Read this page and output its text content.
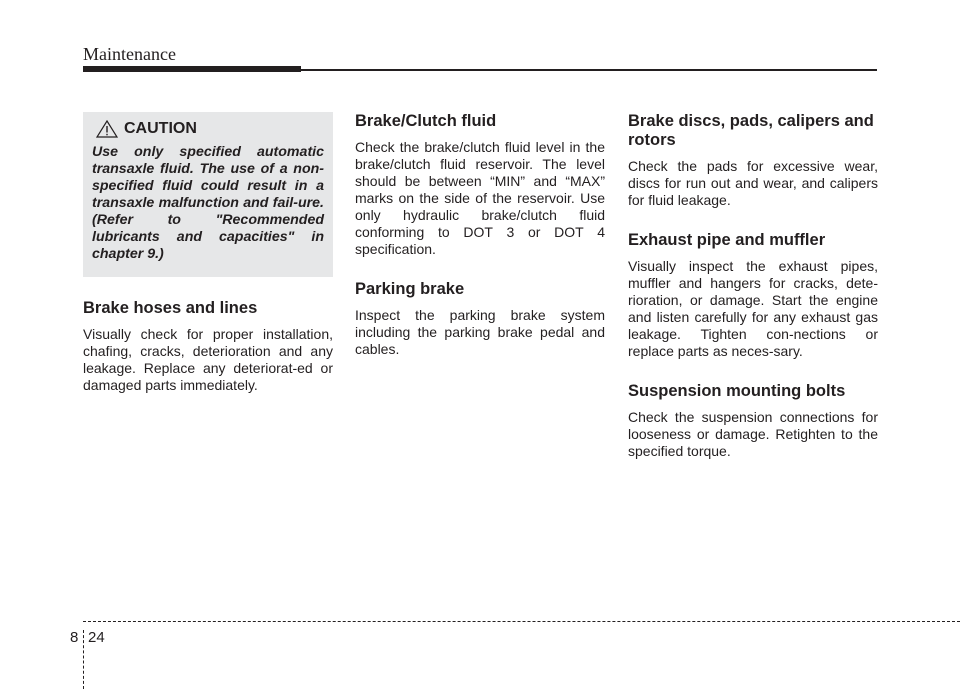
Maintenance
CAUTION

Use only specified automatic transaxle fluid. The use of a non-specified fluid could result in a transaxle malfunction and fail-ure. (Refer to "Recommended lubricants and capacities" in chapter 9.)

Brake hoses and lines

Visually check for proper installation, chafing, cracks, deterioration and any leakage. Replace any deteriorat-ed or damaged parts immediately.

Brake/Clutch fluid

Check the brake/clutch fluid level in the brake/clutch fluid reservoir. The level should be between “MIN” and “MAX” marks on the side of the reservoir. Use only hydraulic brake/clutch fluid conforming to DOT 3 or DOT 4 specification.

Parking brake

Inspect the parking brake system including the parking brake pedal and cables.

Brake discs, pads, calipers and rotors

Check the pads for excessive wear, discs for run out and wear, and calipers for fluid leakage.

Exhaust pipe and muffler

Visually inspect the exhaust pipes, muffler and hangers for cracks, dete-rioration, or damage. Start the engine and listen carefully for any exhaust gas leakage. Tighten con-nections or replace parts as neces-sary.

Suspension mounting bolts

Check the suspension connections for looseness or damage. Retighten to the specified torque.

8 24
